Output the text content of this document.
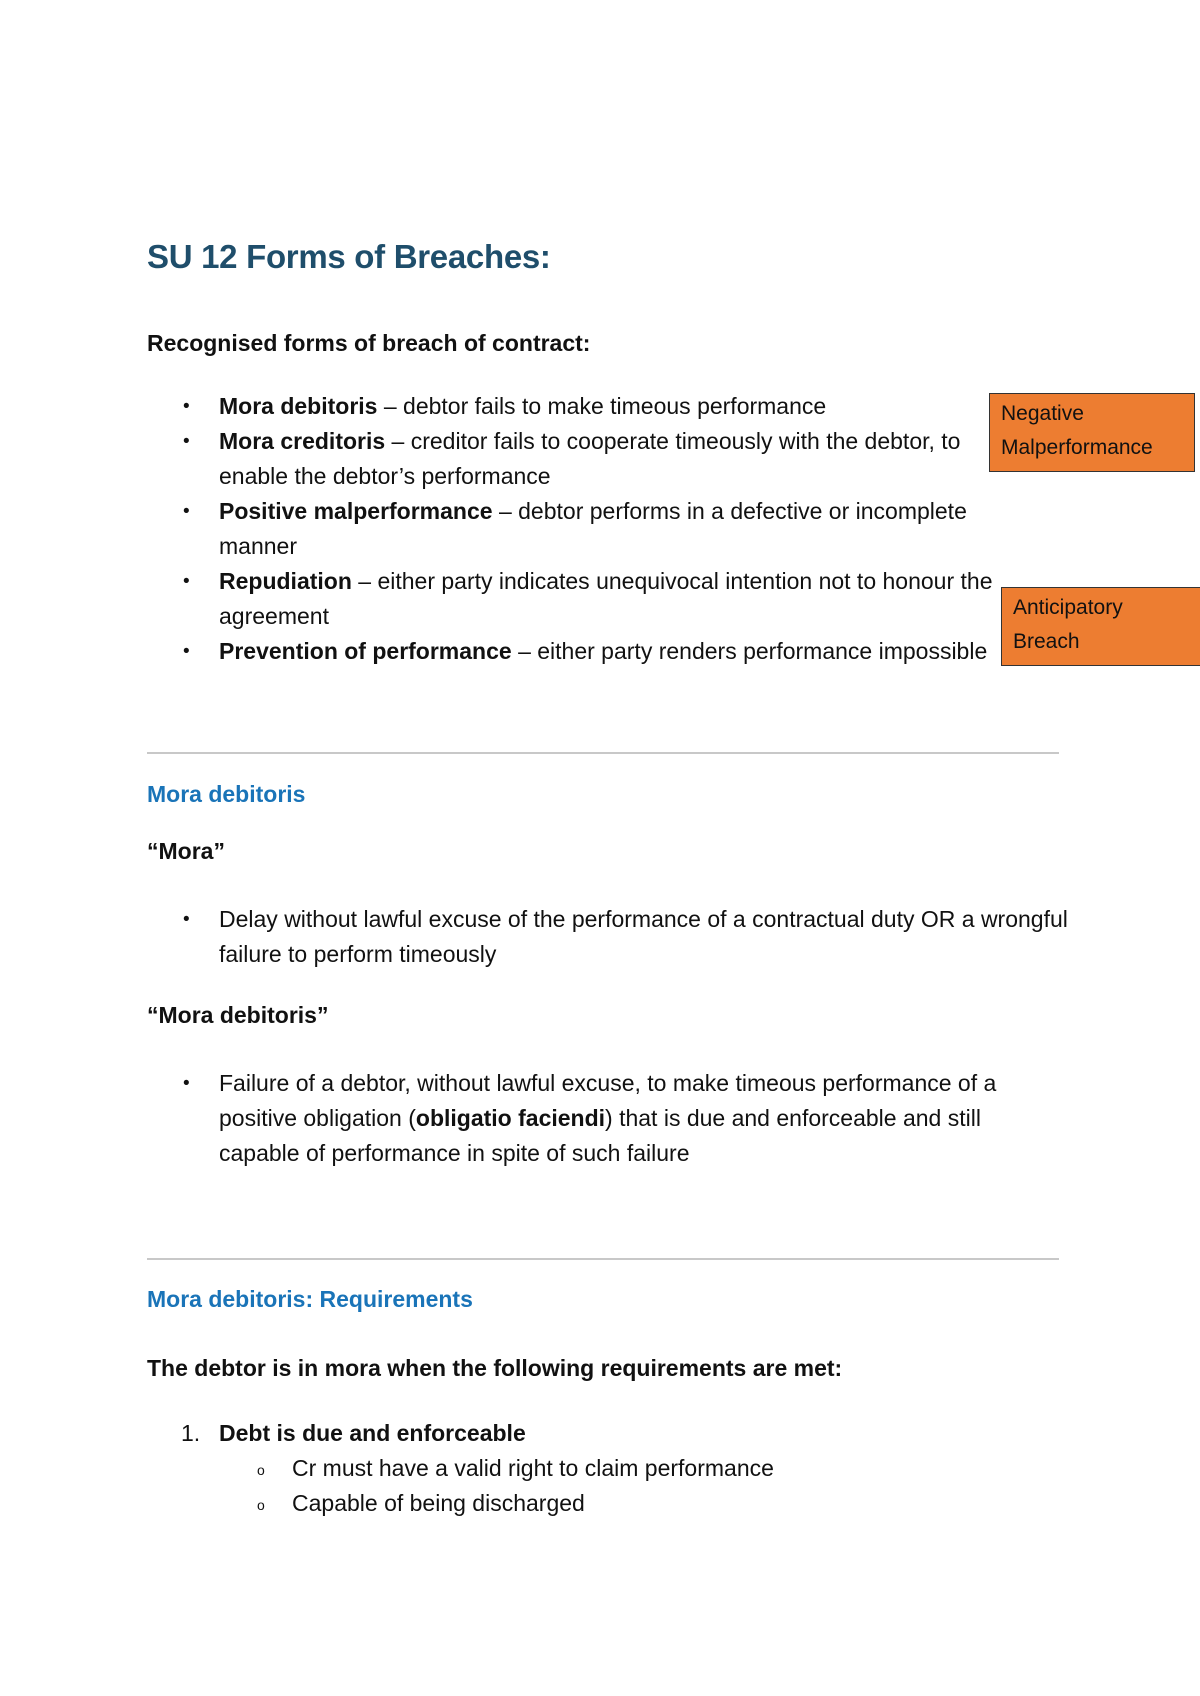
SU 12 Forms of Breaches:

Recognised forms of breach of contract:

• Mora debitoris – debtor fails to make timeous performance
• Mora creditoris – creditor fails to cooperate timeously with the debtor, to enable the debtor’s performance
• Positive malperformance – debtor performs in a defective or incomplete manner
• Repudiation – either party indicates unequivocal intention not to honour the agreement
• Prevention of performance – either party renders performance impossible
Negative
Malperformance
Anticipatory
Breach

Mora debitoris

“Mora”

• Delay without lawful excuse of the performance of a contractual duty OR a wrongful failure to perform timeously

“Mora debitoris”

• Failure of a debtor, without lawful excuse, to make timeous performance of a positive obligation (obligatio faciendi) that is due and enforceable and still capable of performance in spite of such failure

Mora debitoris: Requirements

The debtor is in mora when the following requirements are met:

1. Debt is due and enforceable
o Cr must have a valid right to claim performance
o Capable of being discharged
